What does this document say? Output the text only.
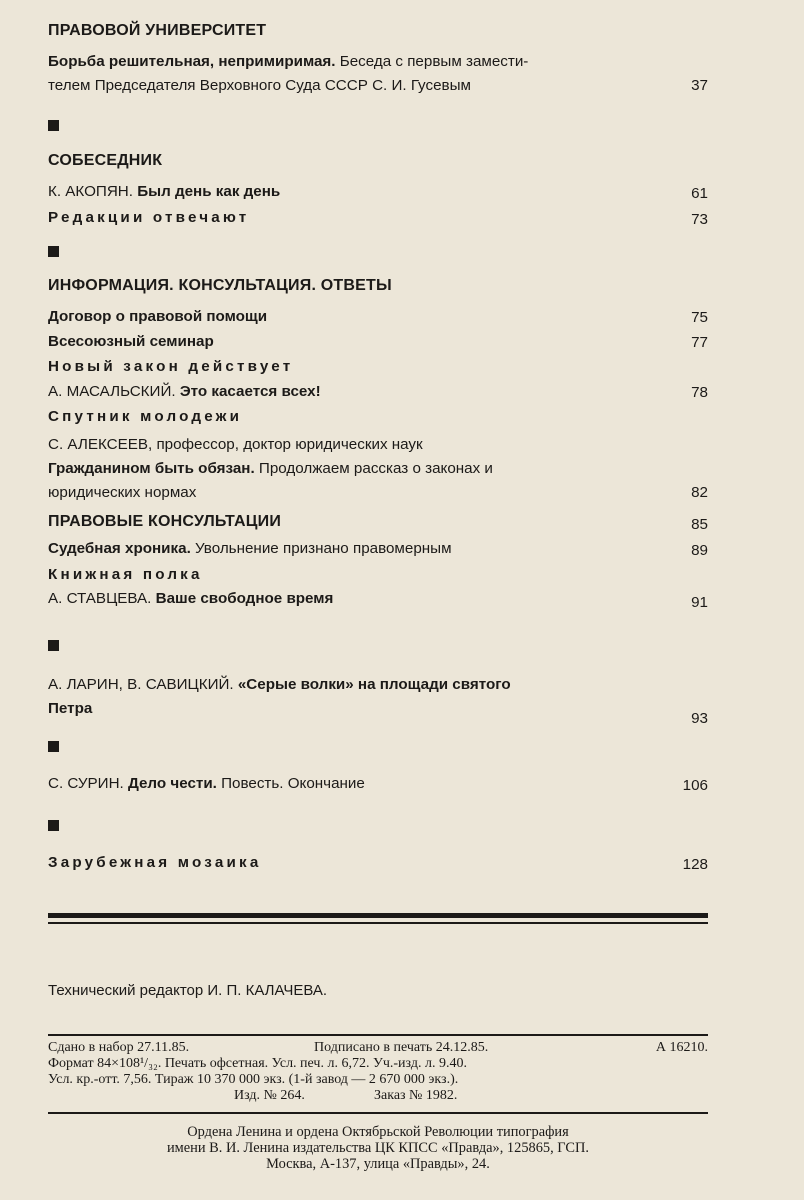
ПРАВОВОЙ УНИВЕРСИТЕТ
Борьба решительная, непримиримая. Беседа с первым замести-
телем Председателя Верховного Суда СССР С. И. Гусевым	37
СОБЕСЕДНИК
К. АКОПЯН. Был день как день	61
Редакции отвечают	73
ИНФОРМАЦИЯ. КОНСУЛЬТАЦИЯ. ОТВЕТЫ
Договор о правовой помощи	75
Всесоюзный семинар	77
Новый закон действует
А. МАСАЛЬСКИЙ. Это касается всех!	78
Спутник молодежи
С. АЛЕКСЕЕВ, профессор, доктор юридических наук
Гражданином быть обязан. Продолжаем рассказ о законах и
юридических нормах	82
ПРАВОВЫЕ КОНСУЛЬТАЦИИ	85
Судебная хроника. Увольнение признано правомерным	89
Книжная полка
А. СТАВЦЕВА. Ваше свободное время	91
А. ЛАРИН, В. САВИЦКИЙ. «Серые волки» на площади святого
Петра
93
С. СУРИН. Дело чести. Повесть. Окончание	106
Зарубежная мозаика	128
Технический редактор И. П. КАЛАЧЕВА.
Сдано в набор 27.11.85.	Подписано в печать 24.12.85.	А 16210.
Формат 84×108¹/₃₂. Печать офсетная. Усл. печ. л. 6,72. Уч.-изд. л. 9.40.
Усл. кр.-отт. 7,56. Тираж 10 370 000 экз. (1-й завод — 2 670 000 экз.).
Изд. № 264.	Заказ № 1982.
Ордена Ленина и ордена Октябрьской Революции типография
имени В. И. Ленина издательства ЦК КПСС «Правда», 125865, ГСП.
Москва, А-137, улица «Правды», 24.
